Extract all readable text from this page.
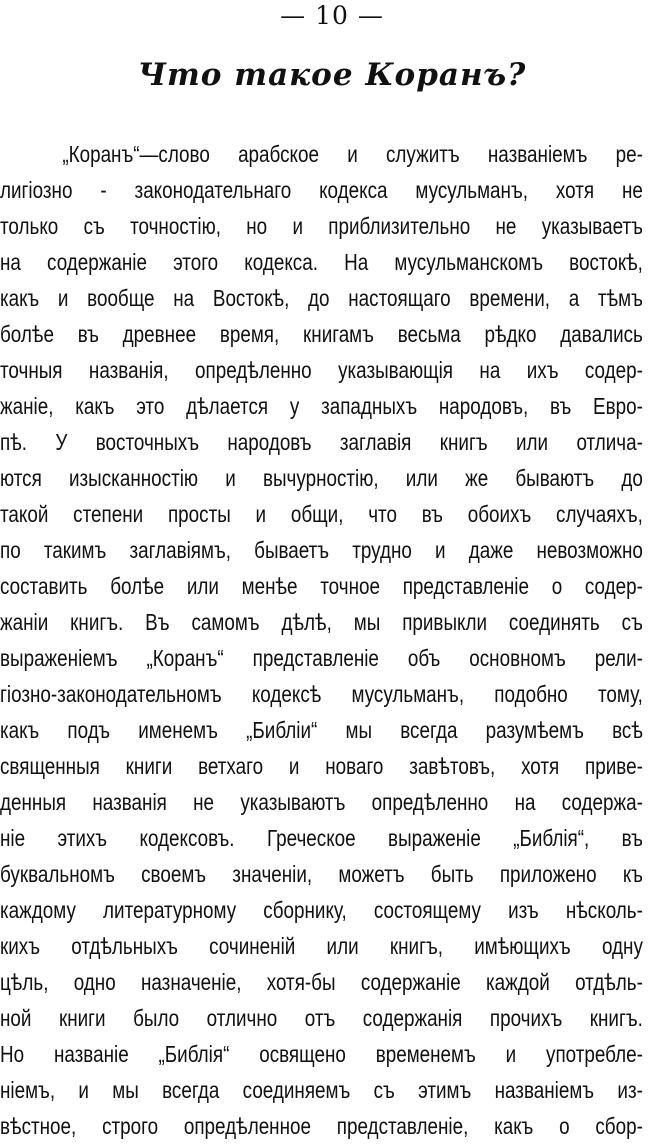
— 10 —
Что такое Коранъ?
„Коранъ“—слово арабское и служитъ названіемъ ре-
лигіозно - законодательнаго кодекса мусульманъ, хотя не
только съ точностію, но и приблизительно не указываетъ
на содержаніе этого кодекса. На мусульманскомъ востокѣ,
какъ и вообще на Востокѣ, до настоящаго времени, а тѣмъ
болѣе въ древнее время, книгамъ весьма рѣдко давались
точныя названія, опредѣленно указывающія на ихъ содер-
жаніе, какъ это дѣлается у западныхъ народовъ, въ Евро-
пѣ. У восточныхъ народовъ заглавія книгъ или отлича-
ются изысканностію и вычурностію, или же бываютъ до
такой степени просты и общи, что въ обоихъ случаяхъ,
по такимъ заглавіямъ, бываетъ трудно и даже невозможно
составить болѣе или менѣе точное представленіе о содер-
жаніи книгъ. Въ самомъ дѣлѣ, мы привыкли соединять съ
выраженіемъ „Коранъ“ представленіе объ основномъ рели-
гіозно-законодательномъ кодексѣ мусульманъ, подобно тому,
какъ подъ именемъ „Библіи“ мы всегда разумѣемъ всѣ
священныя книги ветхаго и новаго завѣтовъ, хотя приве-
денныя названія не указываютъ опредѣленно на содержа-
ніе этихъ кодексовъ. Греческое выраженіе „Библія“, въ
буквальномъ своемъ значеніи, можетъ быть приложено къ
каждому литературному сборнику, состоящему изъ нѣсколь-
кихъ отдѣльныхъ сочиненій или книгъ, имѣющихъ одну
цѣль, одно назначеніе, хотя-бы содержаніе каждой отдѣль-
ной книги было отлично отъ содержанія прочихъ книгъ.
Но названіе „Библія“ освящено временемъ и употребле-
ніемъ, и мы всегда соединяемъ съ этимъ названіемъ из-
вѣстное, строго опредѣленное представленіе, какъ о сбор-
